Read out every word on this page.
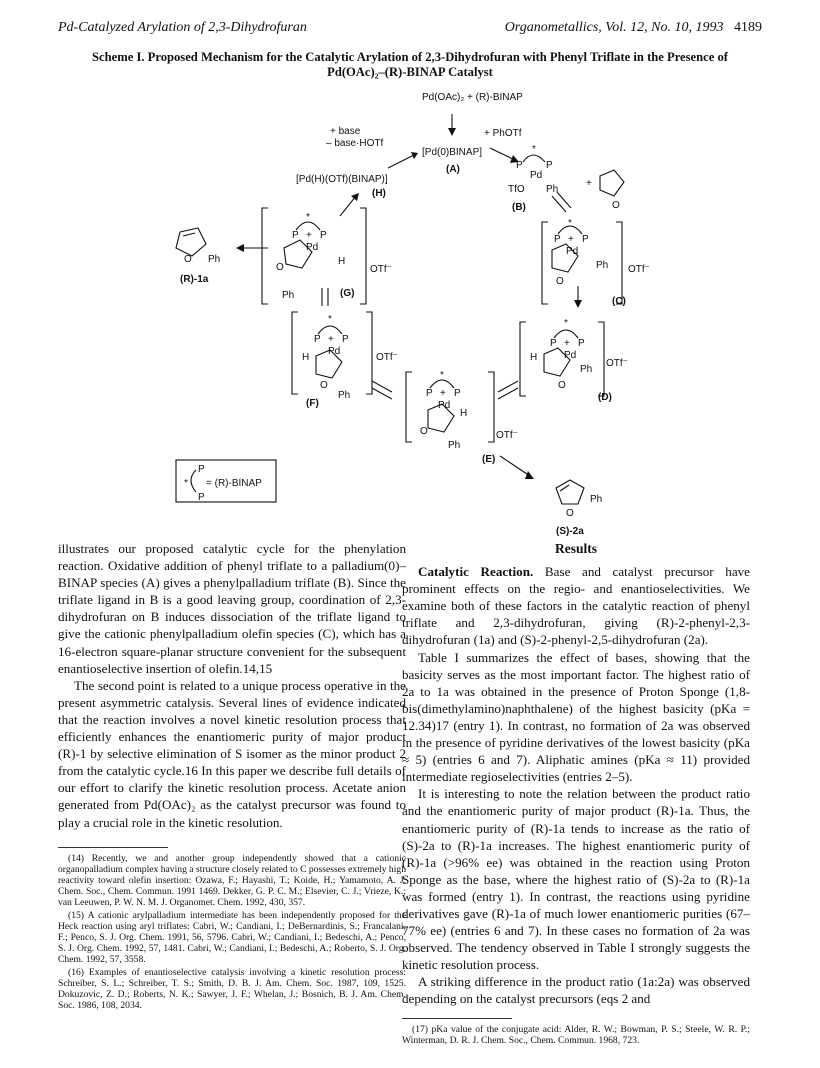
Pd-Catalyzed Arylation of 2,3-Dihydrofuran	Organometallics, Vol. 12, No. 10, 1993 4189
Scheme I. Proposed Mechanism for the Catalytic Arylation of 2,3-Dihydrofuran with Phenyl Triflate in the Presence of Pd(OAc)₂–(R)-BINAP Catalyst
Pd(OAc)₂ + (R)-BINAP
+ PhOTf
+ base
– base·HOTf
[Pd(0)BINAP]
(A)
[Pd(H)(OTf)(BINAP)]
(H)
*
P P
Pd
TfO Ph
(B)
+
O
O Ph
(R)-1a
*
P P
+
Pd
H
O
Ph
OTf⁻
(G)
*
P P
+
Pd
Ph
O
OTf⁻
(C)
*
P P
+
Pd
H
O
Ph
OTf⁻
(F)
*
P P
+
Pd
H
Ph
O
OTf⁻
(D)
*
P P
+
Pd
H
O
Ph
OTf⁻
(E)
O
Ph
(S)-2a
*
P
P
= (R)-BINAP

illustrates our proposed catalytic cycle for the phenylation reaction. Oxidative addition of phenyl triflate to a palladium(0)–BINAP species (A) gives a phenylpalladium triflate (B). Since the triflate ligand in B is a good leaving group, coordination of 2,3-dihydrofuran on B induces dissociation of the triflate ligand to give the cationic phenylpalladium olefin species (C), which has a 16-electron square-planar structure convenient for the subsequent enantioselective insertion of olefin.14,15

The second point is related to a unique process operative in the present asymmetric catalysis. Several lines of evidence indicated that the reaction involves a novel kinetic resolution process that efficiently enhances the enantiomeric purity of major product (R)-1 by selective elimination of S isomer as the minor product 2 from the catalytic cycle.16 In this paper we describe full details of our effort to clarify the kinetic resolution process. Acetate anion generated from Pd(OAc)₂ as the catalyst precursor was found to play a crucial role in the kinetic resolution.

(14) Recently, we and another group independently showed that a cationic organopalladium complex having a structure closely related to C possesses extremely high reactivity toward olefin insertion: Ozawa, F.; Hayashi, T.; Koide, H.; Yamamoto, A. J. Chem. Soc., Chem. Commun. 1991 1469. Dekker, G. P. C. M.; Elsevier, C. J.; Vrieze, K.; van Leeuwen, P. W. N. M. J. Organomet. Chem. 1992, 430, 357.

(15) A cationic arylpalladium intermediate has been independently proposed for the Heck reaction using aryl triflates: Cabri, W.; Candiani, I.; DeBernardinis, S.; Francalani, F.; Penco, S. J. Org. Chem. 1991, 56, 5796. Cabri, W.; Candiani, I.; Bedeschi, A.; Penco, S. J. Org. Chem. 1992, 57, 1481. Cabri, W.; Candiani, I.; Bedeschi, A.; Roberto, S. J. Org. Chem. 1992, 57, 3558.

(16) Examples of enantioselective catalysis involving a kinetic resolution process: Schreiber, S. L.; Schreiber, T. S.; Smith, D. B. J. Am. Chem. Soc. 1987, 109, 1525. Dokuzovic, Z. D.; Roberts, N. K.; Sawyer, J. F.; Whelan, J.; Bosnich, B. J. Am. Chem. Soc. 1986, 108, 2034.

Results

Catalytic Reaction. Base and catalyst precursor have prominent effects on the regio- and enantioselectivities. We examine both of these factors in the catalytic reaction of phenyl triflate and 2,3-dihydrofuran, giving (R)-2-phenyl-2,3-dihydrofuran (1a) and (S)-2-phenyl-2,5-dihydrofuran (2a).

Table I summarizes the effect of bases, showing that the basicity serves as the most important factor. The highest ratio of 2a to 1a was obtained in the presence of Proton Sponge (1,8-bis(dimethylamino)naphthalene) of the highest basicity (pKa = 12.34)17 (entry 1). In contrast, no formation of 2a was observed in the presence of pyridine derivatives of the lowest basicity (pKa ≈ 5) (entries 6 and 7). Aliphatic amines (pKa ≈ 11) provided intermediate regioselectivities (entries 2–5).

It is interesting to note the relation between the product ratio and the enantiomeric purity of major product (R)-1a. Thus, the enantiomeric purity of (R)-1a tends to increase as the ratio of (S)-2a to (R)-1a increases. The highest enantiomeric purity of (R)-1a (>96% ee) was obtained in the reaction using Proton Sponge as the base, where the highest ratio of (S)-2a to (R)-1a was formed (entry 1). In contrast, the reactions using pyridine derivatives gave (R)-1a of much lower enantiomeric purities (67–77% ee) (entries 6 and 7). In these cases no formation of 2a was observed. The tendency observed in Table I strongly suggests the kinetic resolution process.

A striking difference in the product ratio (1a:2a) was observed depending on the catalyst precursors (eqs 2 and

(17) pKa value of the conjugate acid: Alder, R. W.; Bowman, P. S.; Steele, W. R. P.; Winterman, D. R. J. Chem. Soc., Chem. Commun. 1968, 723.
